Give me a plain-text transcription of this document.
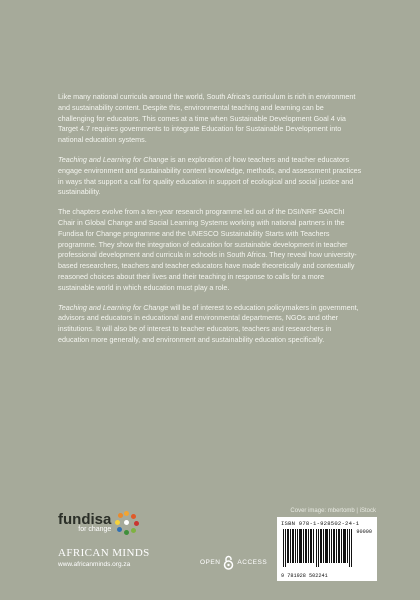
Like many national curricula around the world, South Africa's curriculum is rich in environment and sustainability content. Despite this, environmental teaching and learning can be challenging for educators. This comes at a time when Sustainable Development Goal 4 via Target 4.7 requires governments to integrate Education for Sustainable Development into national education systems.

Teaching and Learning for Change is an exploration of how teachers and teacher educators engage environment and sustainability content knowledge, methods, and assessment practices in ways that support a call for quality education in support of ecological and social justice and sustainability.

The chapters evolve from a ten-year research programme led out of the DSI/NRF SARChI Chair in Global Change and Social Learning Systems working with national partners in the Fundisa for Change programme and the UNESCO Sustainability Starts with Teachers programme. They show the integration of education for sustainable development in teacher professional development and curricula in schools in South Africa. They reveal how university-based researchers, teachers and teacher educators have made theoretically and contextually reasoned choices about their lives and their teaching in response to calls for a more sustainable world in which education must play a role.

Teaching and Learning for Change will be of interest to education policymakers in government, advisors and educators in educational and environmental departments, NGOs and other institutions. It will also be of interest to teacher educators, teachers and researchers in education more generally, and environment and sustainability education specifically.

fundisa
for change
AFRICAN MINDS
www.africanminds.org.za	OPEN	ACCESS
Cover image: mbertomb | iStock
ISBN 978-1-928502-24-1
90000
9 781928 502241
